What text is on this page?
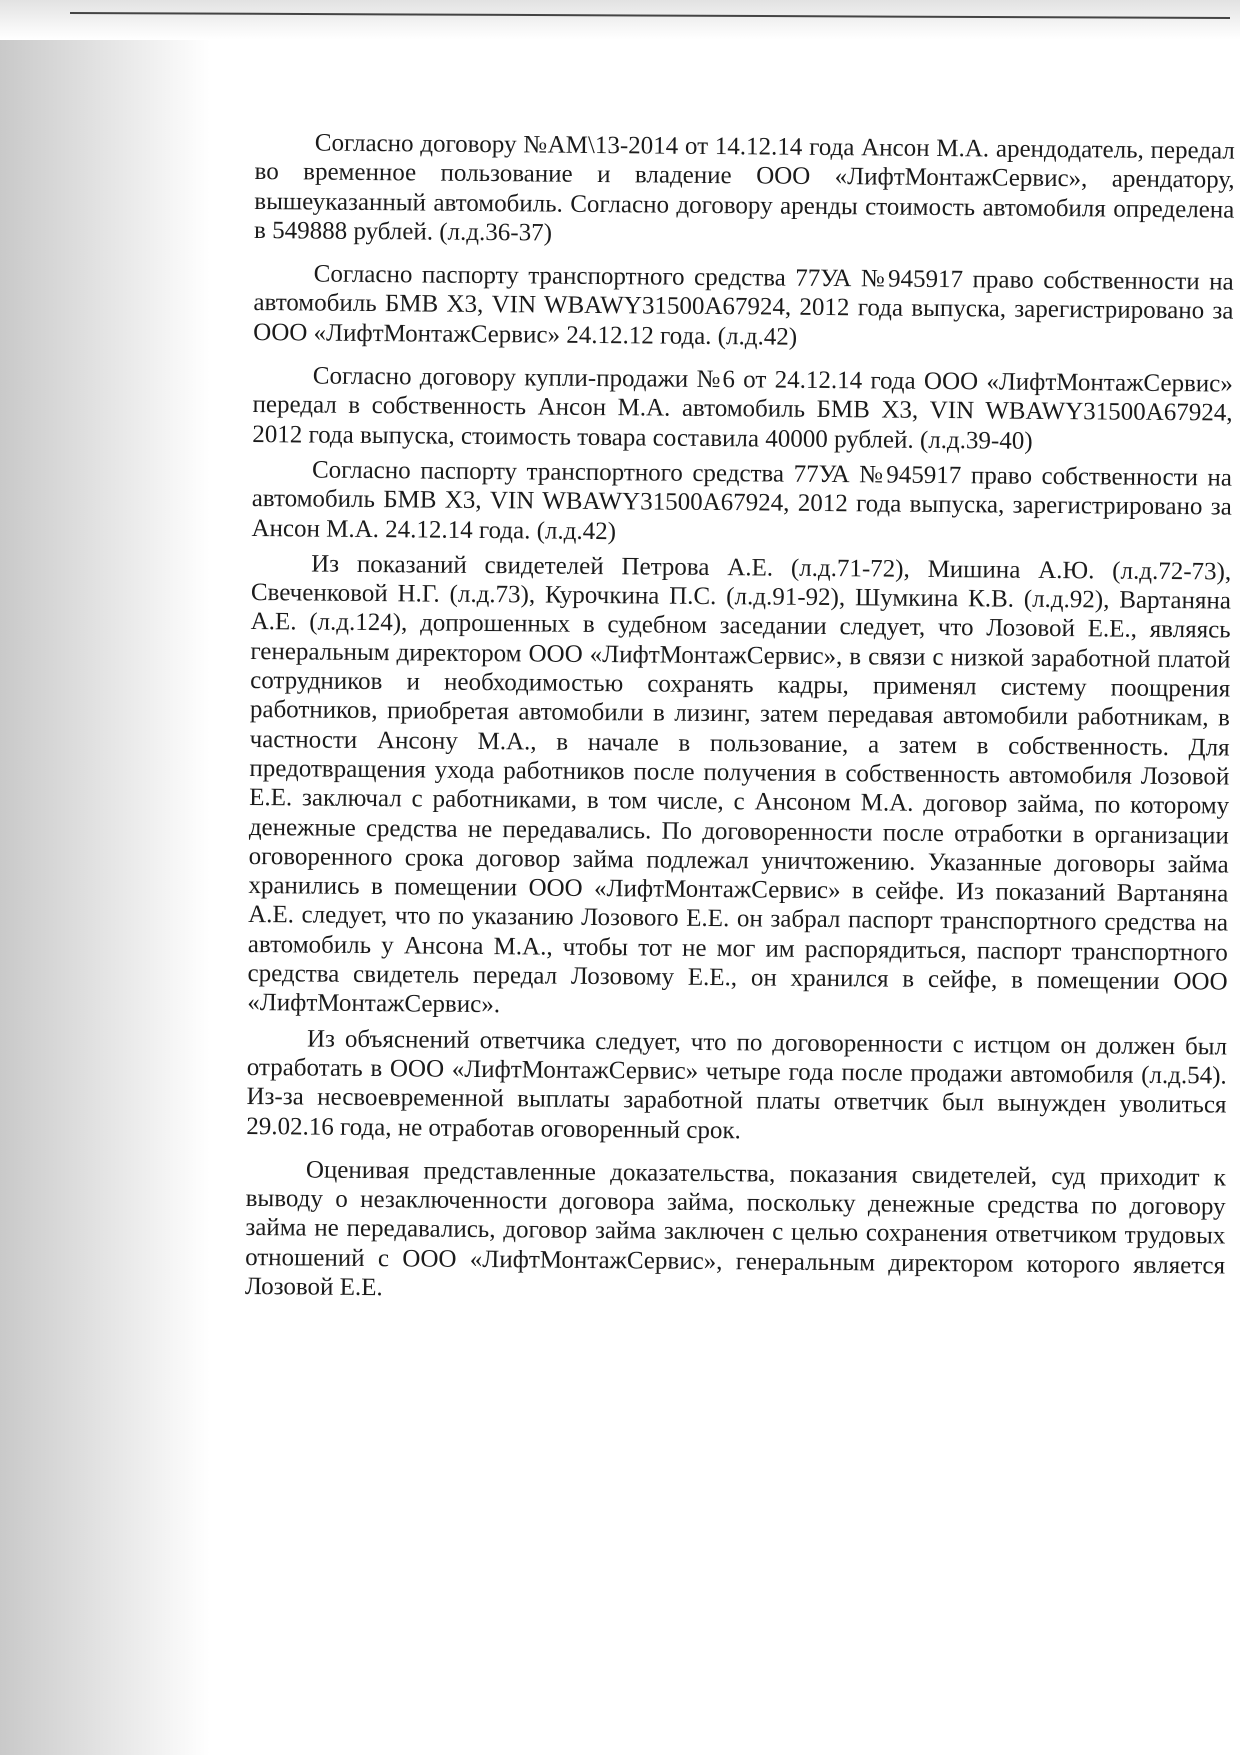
Согласно договору №АМ\13-2014 от 14.12.14 года Ансон М.А. арендодатель, передал во временное пользование и владение ООО «ЛифтМонтажСервис», арендатору, вышеуказанный автомобиль. Согласно договору аренды стоимость автомобиля определена в 549888 рублей. (л.д.36-37)

Согласно паспорту транспортного средства 77УА №945917 право собственности на автомобиль БМВ Х3, VIN WBAWY31500A67924, 2012 года выпуска, зарегистрировано за ООО «ЛифтМонтажСервис» 24.12.12 года. (л.д.42)

Согласно договору купли-продажи №6 от 24.12.14 года ООО «ЛифтМонтажСервис» передал в собственность Ансон М.А. автомобиль БМВ Х3, VIN WBAWY31500A67924, 2012 года выпуска, стоимость товара составила 40000 рублей. (л.д.39-40)

Согласно паспорту транспортного средства 77УА №945917 право собственности на автомобиль БМВ Х3, VIN WBAWY31500A67924, 2012 года выпуска, зарегистрировано за Ансон М.А. 24.12.14 года. (л.д.42)

Из показаний свидетелей Петрова А.Е. (л.д.71-72), Мишина А.Ю. (л.д.72-73), Свеченковой Н.Г. (л.д.73), Курочкина П.С. (л.д.91-92), Шумкина К.В. (л.д.92), Вартаняна А.Е. (л.д.124), допрошенных в судебном заседании следует, что Лозовой Е.Е., являясь генеральным директором ООО «ЛифтМонтажСервис», в связи с низкой заработной платой сотрудников и необходимостью сохранять кадры, применял систему поощрения работников, приобретая автомобили в лизинг, затем передавая автомобили работникам, в частности Ансону М.А., в начале в пользование, а затем в собственность. Для предотвращения ухода работников после получения в собственность автомобиля Лозовой Е.Е. заключал с работниками, в том числе, с Ансоном М.А. договор займа, по которому денежные средства не передавались. По договоренности после отработки в организации оговоренного срока договор займа подлежал уничтожению. Указанные договоры займа хранились в помещении ООО «ЛифтМонтажСервис» в сейфе. Из показаний Вартаняна А.Е. следует, что по указанию Лозового Е.Е. он забрал паспорт транспортного средства на автомобиль у Ансона М.А., чтобы тот не мог им распорядиться, паспорт транспортного средства свидетель передал Лозовому Е.Е., он хранился в сейфе, в помещении ООО «ЛифтМонтажСервис».

Из объяснений ответчика следует, что по договоренности с истцом он должен был отработать в ООО «ЛифтМонтажСервис» четыре года после продажи автомобиля (л.д.54). Из-за несвоевременной выплаты заработной платы ответчик был вынужден уволиться 29.02.16 года, не отработав оговоренный срок.

Оценивая представленные доказательства, показания свидетелей, суд приходит к выводу о незаключенности договора займа, поскольку денежные средства по договору займа не передавались, договор займа заключен с целью сохранения ответчиком трудовых отношений с ООО «ЛифтМонтажСервис», генеральным директором которого является Лозовой Е.Е.
